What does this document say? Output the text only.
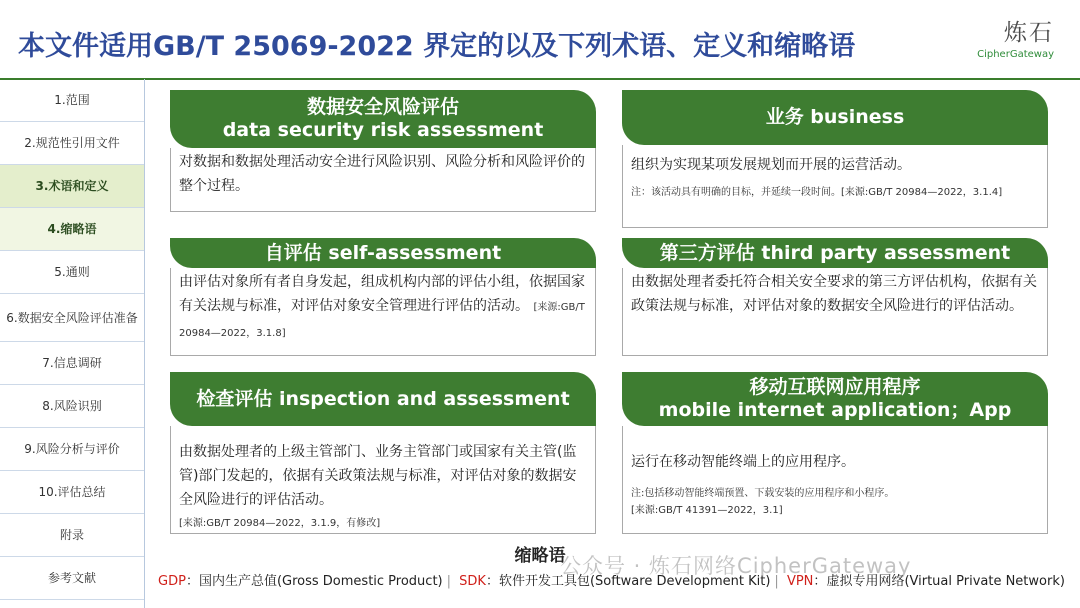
本文件适用GB/T 25069-2022 界定的以及下列术语、定义和缩略语	炼石
CipherGateway
1.范围
2.规范性引用文件
3.术语和定义
4.缩略语
5.通则
6.数据安全风险评估准备
7.信息调研
8.风险识别
9.风险分析与评价
10.评估总结
附录
参考文献
数据安全风险评估
data security risk assessment
对数据和数据处理活动安全进行风险识别、风险分析和风险评价的整个过程。
业务 business
组织为实现某项发展规划而开展的运营活动。
注：该活动具有明确的目标，并延续一段时间。[来源:GB/T 20984—2022，3.1.4]
自评估 self-assessment
由评估对象所有者自身发起，组成机构内部的评估小组，依据国家有关法规与标准，对评估对象安全管理进行评估的活动。 [来源:GB/T 20984—2022，3.1.8]
第三方评估 third party assessment
由数据处理者委托符合相关安全要求的第三方评估机构，依据有关政策法规与标准，对评估对象的数据安全风险进行的评估活动。
检查评估 inspection and assessment
由数据处理者的上级主管部门、业务主管部门或国家有关主管(监管)部门发起的，依据有关政策法规与标准，对评估对象的数据安全风险进行的评估活动。
[来源:GB/T 20984—2022，3.1.9，有修改]
移动互联网应用程序
mobile internet application；App
运行在移动智能终端上的应用程序。
注:包括移动智能终端预置、下载安装的应用程序和小程序。
[来源:GB/T 41391—2022，3.1]
缩略语
GDP：国内生产总值(Gross Domestic Product) | SDK：软件开发工具包(Software Development Kit) | VPN：虚拟专用网络(Virtual Private Network)
公众号 · 炼石网络CipherGateway
